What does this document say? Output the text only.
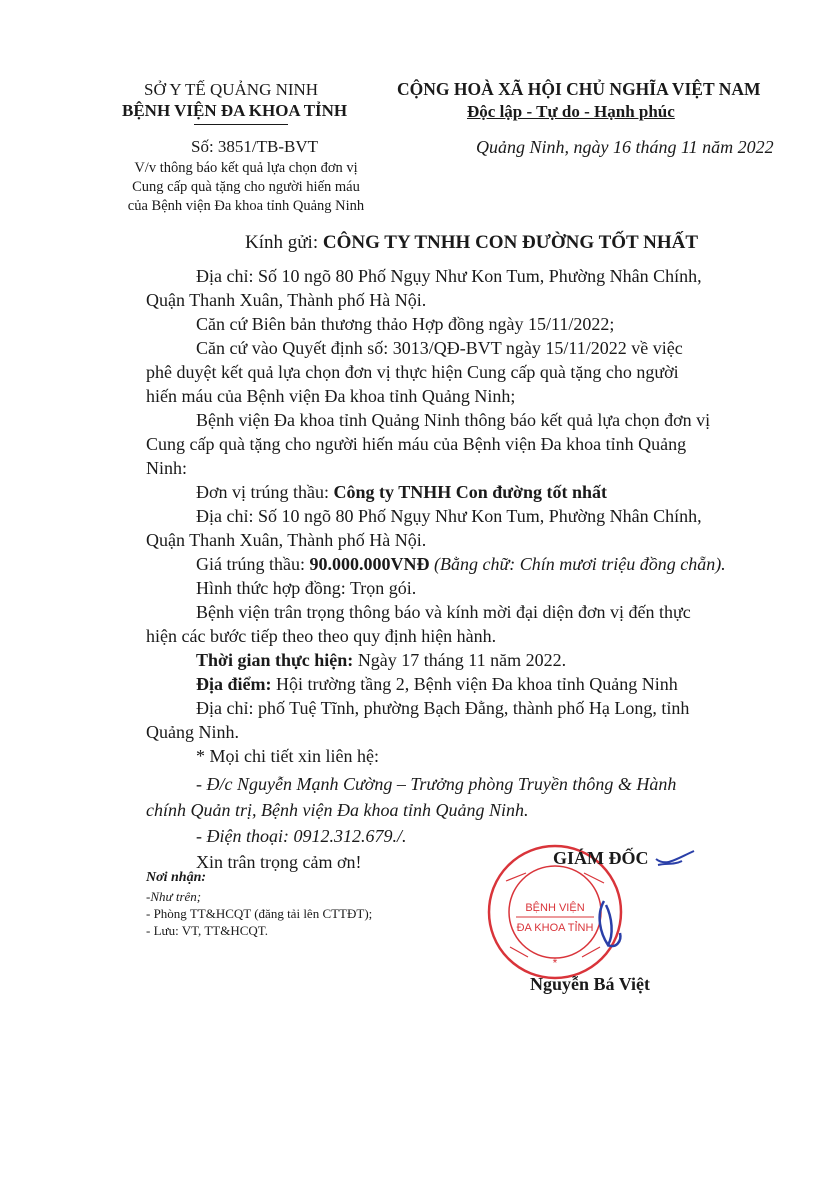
SỞ Y TẾ QUẢNG NINH
BỆNH VIỆN ĐA KHOA TỈNH
Số: 3851/TB-BVT
V/v thông báo kết quả lựa chọn đơn vị
Cung cấp quà tặng cho người hiến máu
của Bệnh viện Đa khoa tỉnh Quảng Ninh
CỘNG HOÀ XÃ HỘI CHỦ NGHĨA VIỆT NAM
Độc lập - Tự do - Hạnh phúc
Quảng Ninh, ngày 16 tháng 11 năm 2022
Kính gửi: CÔNG TY TNHH CON ĐƯỜNG TỐT NHẤT
Địa chỉ: Số 10 ngõ 80 Phố Ngụy Như Kon Tum, Phường Nhân Chính,
Quận Thanh Xuân, Thành phố Hà Nội.
Căn cứ Biên bản thương thảo Hợp đồng ngày 15/11/2022;
Căn cứ vào Quyết định số: 3013/QĐ-BVT ngày 15/11/2022 về việc
phê duyệt kết quả lựa chọn đơn vị thực hiện Cung cấp quà tặng cho người
hiến máu của Bệnh viện Đa khoa tỉnh Quảng Ninh;
Bệnh viện Đa khoa tỉnh Quảng Ninh thông báo kết quả lựa chọn đơn vị
Cung cấp quà tặng cho người hiến máu của Bệnh viện Đa khoa tỉnh Quảng
Ninh:
Đơn vị trúng thầu: Công ty TNHH Con đường tốt nhất
Địa chỉ: Số 10 ngõ 80 Phố Ngụy Như Kon Tum, Phường Nhân Chính,
Quận Thanh Xuân, Thành phố Hà Nội.
Giá trúng thầu: 90.000.000VNĐ (Bằng chữ: Chín mươi triệu đồng chẵn).
Hình thức hợp đồng: Trọn gói.
Bệnh viện trân trọng thông báo và kính mời đại diện đơn vị đến thực
hiện các bước tiếp theo theo quy định hiện hành.
Thời gian thực hiện: Ngày 17 tháng 11 năm 2022.
Địa điểm: Hội trường tầng 2, Bệnh viện Đa khoa tỉnh Quảng Ninh
Địa chỉ: phố Tuệ Tĩnh, phường Bạch Đằng, thành phố Hạ Long, tỉnh
Quảng Ninh.
* Mọi chi tiết xin liên hệ:
- Đ/c Nguyễn Mạnh Cường – Trưởng phòng Truyền thông & Hành
chính Quản trị, Bệnh viện Đa khoa tỉnh Quảng Ninh.
- Điện thoại: 0912.312.679./.
Xin trân trọng cảm ơn!
Nơi nhận:
-Như trên;
- Phòng TT&HCQT (đăng tải lên CTTĐT);
- Lưu: VT, TT&HCQT.
BỆNH VIỆN
ĐA KHOA TỈNH
*
GIÁM ĐỐC
Nguyễn Bá Việt
